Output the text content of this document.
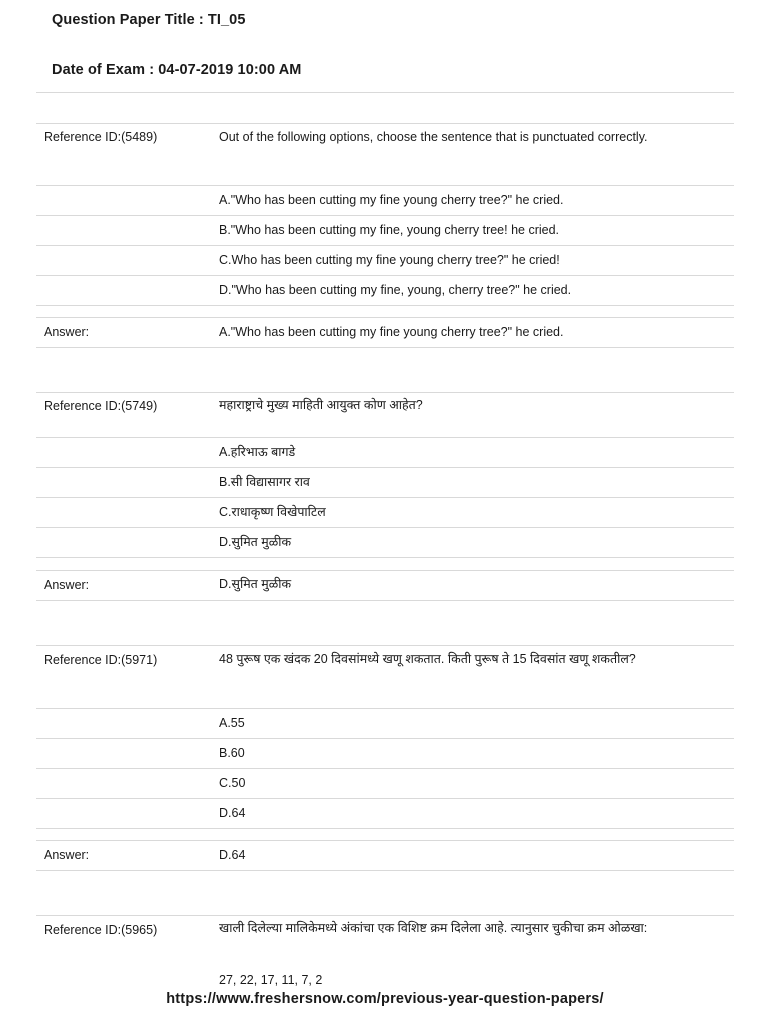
Question Paper Title : TI_05
Date of Exam : 04-07-2019 10:00 AM
Reference ID:(5489)	Out of the following options, choose the sentence that is punctuated correctly.
A."Who has been cutting my fine young cherry tree?" he cried.
B."Who has been cutting my fine, young cherry tree! he cried.
C.Who has been cutting my fine young cherry tree?" he cried!
D."Who has been cutting my fine, young, cherry tree?" he cried.
Answer:	A."Who has been cutting my fine young cherry tree?" he cried.
Reference ID:(5749)	महाराष्ट्राचे मुख्य माहिती आयुक्त कोण आहेत?
A.हरिभाऊ बागडे
B.सी विद्यासागर राव
C.राधाकृष्ण विखेपाटिल
D.सुमित मुळीक
Answer:	D.सुमित मुळीक
Reference ID:(5971)	48 पुरूष एक खंदक 20 दिवसांमध्ये खणू शकतात. किती पुरूष ते 15 दिवसांत खणू शकतील?
A.55
B.60
C.50
D.64
Answer:	D.64
Reference ID:(5965)	खाली दिलेल्या मालिकेमध्ये अंकांचा एक विशिष्ट क्रम दिलेला आहे. त्यानुसार चुकीचा क्रम ओळखा:
27, 22, 17, 11, 7, 2
https://www.freshersnow.com/previous-year-question-papers/
